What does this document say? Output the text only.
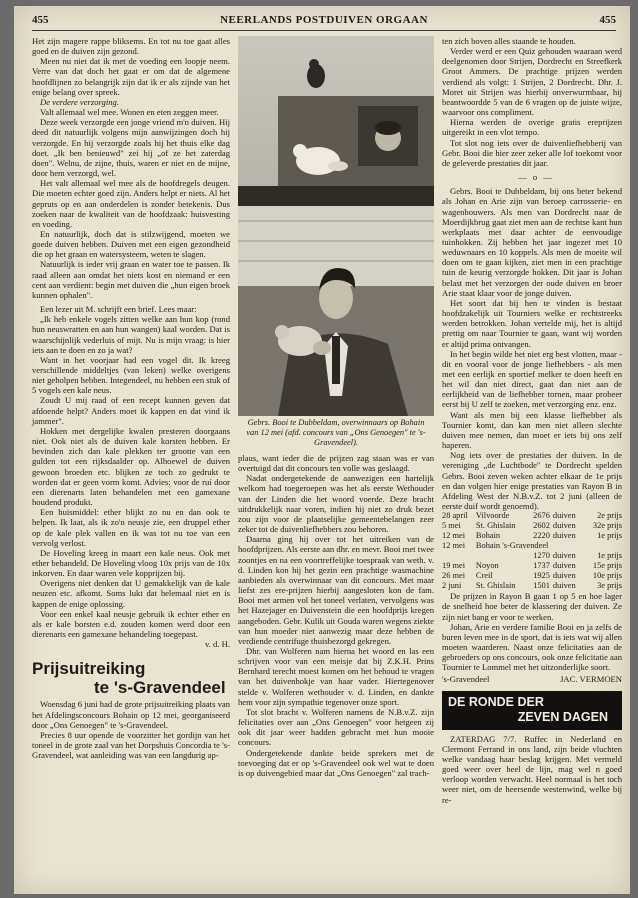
455	NEERLANDS POSTDUIVEN ORGAAN	455

Het zijn magere rappe bliksems. En tot nu toe gaat alles goed en de duiven zijn gezond.

Meen nu niet dat ik met de voeding een loopje neem. Verre van dat doch het gaat er om dat de algemene hoofdlijnen zo belangrijk zijn dat ik er als zijnde van het enige belang over spreek.

De verdere verzorging.

Valt allemaal wel mee. Wonen en eten zeggen meer.

Deze week verzorgde een jonge vriend m'n duiven. Hij deed dit natuurlijk volgens mijn aanwijzingen doch hij verzorgde. En hij verzorgde zoals hij het thuis elke dag doet. „Ik ben benieuwd" zei hij „of ze het zaterdag doen". Welnu, de zijne, thuis, waren er niet en de mijne, door hem verzorgd, wel.

Het valt allemaal wel mee als de hoofdregels deugen. Die moeten echter goed zijn. Anders helpt er niets. Al het gepruts op en aan onderdelen is zonder betekenis. Dus zoeken naar de kwaliteit van de hoofdzaak: huisvesting en voeding.

En natuurlijk, doch dat is stilzwijgend, moeten we goede duiven hebben. Duiven met een eigen gezondheid die op het graan en watersysteem, weten te slagen.

Natuurlijk is ieder vrij graan en water toe te passen. Ik raad alleen aan omdat het niets kost en niemand er een cent aan verdient: begin met duiven die „hun eigen broek kunnen ophalen".

Een lezer uit M. schrijft een brief. Lees maar:

„Ik heb enkele vogels zitten welke aan hun kop (rond hun neuswratten en aan hun wangen) kaal worden. Dat is waarschijnlijk vederluis of mijt. Nu is mijn vraag: is hier iets aan te doen en zo ja wat?

Want in het voorjaar had een vogel dit. Ik kreeg verschillende middeltjes (van leken) welke overigens niet geholpen hebben. Integendeel, nu hebben een stuk of 5 vogels een kale neus.

Zoudt U mij raad of een recept kunnen geven dat afdoende helpt? Anders moet ik kappen en dat vind ik jammer".

Hokken met dergelijke kwalen presteren doorgaans niet. Ook niet als de duiven kale korsten hebben. Er bevinden zich dan kale plekken ter grootte van een gulden tot een rijksdaalder op. Alhoewel de duiven gewoon broeden etc. blijken ze toch zo gedrukt te worden dat er geen vorm komt. Advies: voor de ruí door een dierenarts laten behandelen met een gamexane houdend produkt.

Een huismiddel: ether blijkt zo nu en dan ook te helpen. Ik laat, als ik zo'n neusje zie, een druppel ether op de kale plek vallen en ik was tot nu toe van een vervolg verlost.

De Hoveling kreeg in maart een kale neus. Ook met ether behandeld. De Hoveling vloog 10x prijs van de 10x inkorven. En daar waren vele kopprijzen bij.

Overigens niet denken dat U gemakkelijk van de kale neuzen etc. afkomt. Soms lukt dat helemaal niet en is kappen de enige oplossing.

Voor een enkel kaal neusje gebruik ik echter ether en als er kale borsten e.d. zouden komen werd door een dierenarts een gamexane behandeling toegepast.

v. d. H.

Prijsuitreiking
te 's-Gravendeel

Woensdag 6 juni had de grote prijsuitreiking plaats van het Afdelingsconcours Bohain op 12 mei, georganiseerd door „Ons Genoegen" te 's-Gravendeel.

Precies 8 uur opende de voorzitter het gordijn van het toneel in de grote zaal van het Dorpshuis Concordia te 's-Gravendeel, wat aanleiding was van een langdurig ap-

Gebrs. Booi te Dubbeldam, overwinnaars op Bohain van 12 mei (afd. concours van „Ons Genoegen" te 's-Gravendeel).

plaus, want ieder die de prijzen zag staan was er van overtuigd dat dit concours ten volle was geslaagd.

Nadat ondergetekende de aanwezigen een hartelijk welkom had toegeroepen was het als eerste Wethouder van der Linden die het woord voerde. Deze bracht uitdrukkelijk naar voren, indien hij niet zo druk bezet zou zijn voor de plaatselijke gemeentebelangen zeer zeker tot de duivenliefhebbers zou behoren.

Daarna ging hij over tot het uitreiken van de hoofdprijzen. Als eerste aan dhr. en mevr. Booi met twee zoontjes en na een voortreffelijke toespraak van weth. v. d. Linden kon hij het gezin een prachtige wasmachine aanbieden als overwinnaar van dit concours. Met maar liefst zes ere-prijzen hierbij aangesloten kon de fam. Booi met armen vol het toneel verlaten, vervolgens was het Hazejager en Duivenstein die een hoofdprijs kregen aangeboden. Gebr. Kulik uit Gouda waren wegens ziekte van hun moeder niet aanwezig maar deze hebben de verdiende centrifuge thuisbezorgd gekregen.

Dhr. van Wolferen nam hierna het woord en las een schrijven voor van een meisje dat bij Z.K.H. Prins Bernhard terecht moest komen om het behoud te vragen van het duivenhokje van haar vader. Hiertegenover stelde v. Wolferen wethouder v. d. Linden, en dankte hem voor zijn sympathie tegenover onze sport.

Tot slot bracht v. Wolferen namens de N.B.v.Z. zijn felicitaties over aan „Ons Genoegen" voor hetgeen zij ook dit jaar weer hadden gebracht met hun mooie concours.

Ondergetekende dankte beide sprekers met de toevoeging dat er op 's-Gravendeel ook wel wat te doen is op duivengebied maar dat „Ons Genoegen" zal trach-

ten zich boven alles staande te houden.

Verder werd er een Quiz gehouden waaraan werd deelgenomen door Strijen, Dordrecht en Streefkerk Groot Ammers. De prachtige prijzen werden verdiend als volgt: 1 Strijen, 2 Dordrecht. Dhr. J. Moret uit Strijen was hierbij onverwurmbaar, hij beantwoordde 5 van de 6 vragen op de juiste wijze, waarvoor ons compliment.

Hierna werden de overige gratis ereprijzen uitgereikt in een vlot tempo.

Tot slot nog iets over de duivenliefhebberij van Gebr. Booi die hier zeer zeker alle lof toekomt voor de geleverde prestaties dit jaar.

— o —

Gebrs. Booi te Dubbeldam, bij ons beter bekend als Johan en Arie zijn van beroep carrosserie- en wagenbouwers. Als men van Dordrecht naar de Moerdijkbrug gaat ziet men aan de rechtse kant hun werkplaats met daar achter de eenvoudige tuinhokken. Zij hebben het jaar ingezet met 10 weduwnaars en 10 koppels. Als men de moeite wil doen om te gaan kijken, ziet men in een prachtige tuin de keurig verzorgde hokken. Dit jaar is Johan belast met het verzorgen der oude duiven en broer Arie staat klaar voor de jonge duiven.

Het soort dat bij hen te vinden is bestaat hoofdzakelijk uit Tourniers welke er rechtstreeks werden betrokken. Johan vertelde mij, het is altijd prettig om naar Tournier te gaan, want wij worden er altijd prima ontvangen.

In het begin wilde het niet erg best vlotten, maar - dit en vooral voor de jonge liefhebbers - als men met een eerlijk en sportief melker te doen heeft en het wil dan niet direct, gaat dan niet aan de eerlijkheid van de liefhebber tornen, maar probeer eerst bij U zelf te zoeken, met verzorging enz. enz.

Want als men bij een klasse liefhebber als Tournier komt, dan kan men niet alleen slechte duiven mee nemen, dan moet er iets bij ons zelf haperen.

Nog iets over de prestaties der duiven. In de vereniging „de Luchtbode" te Dordrecht spelden Gebrs. Booi zeven weken achter elkaar de 1e prijs en dan volgen hier enige prestaties van Rayon B in Afdeling West der N.B.v.Z. tot 2 juni (alleen de eerste duif wordt genoemd).

28 april	Vilvoorde	2676	duiven	2e prijs
5 mei	St. Ghislain	2602	duiven	32e prijs
12 mei	Bohain	2220	duiven	1e prijs
12 mei	Bohain 's-Gravendeel			
		1270	duiven	1e prijs
19 mei	Noyon	1737	duiven	15e prijs
26 mei	Creil	1925	duiven	10e prijs
2 juni	St. Ghislain	1501	duiven	3e prijs

De prijzen in Rayon B gaan 1 op 5 en hoe lager de snelheid hoe beter de klassering der duiven. Ze zijn niet bang er voor te werken.

Johan, Arie en verdere familie Booi en ja zelfs de buren leven mee in de sport, dat is iets wat wij allen moeten waarderen. Naast onze felicitaties aan de gebroeders op ons concours, ook onze felicitatie aan Tournier te Lommel met het uitzonderlijke soort.

's-Gravendeel	JAC. VERMOEN
DE RONDE DER
ZEVEN DAGEN

ZATERDAG 7/7. Ruffec in Nederland en Clermont Ferrand in ons land, zijn beide vluchten welke vandaag haar beslag krijgen. Met vermeld goed weer over heel de lijn, mag wel n goed verloop worden verwacht. Heel normaal is het toch weer niet, om de heersende westenwind, welke bij re-
